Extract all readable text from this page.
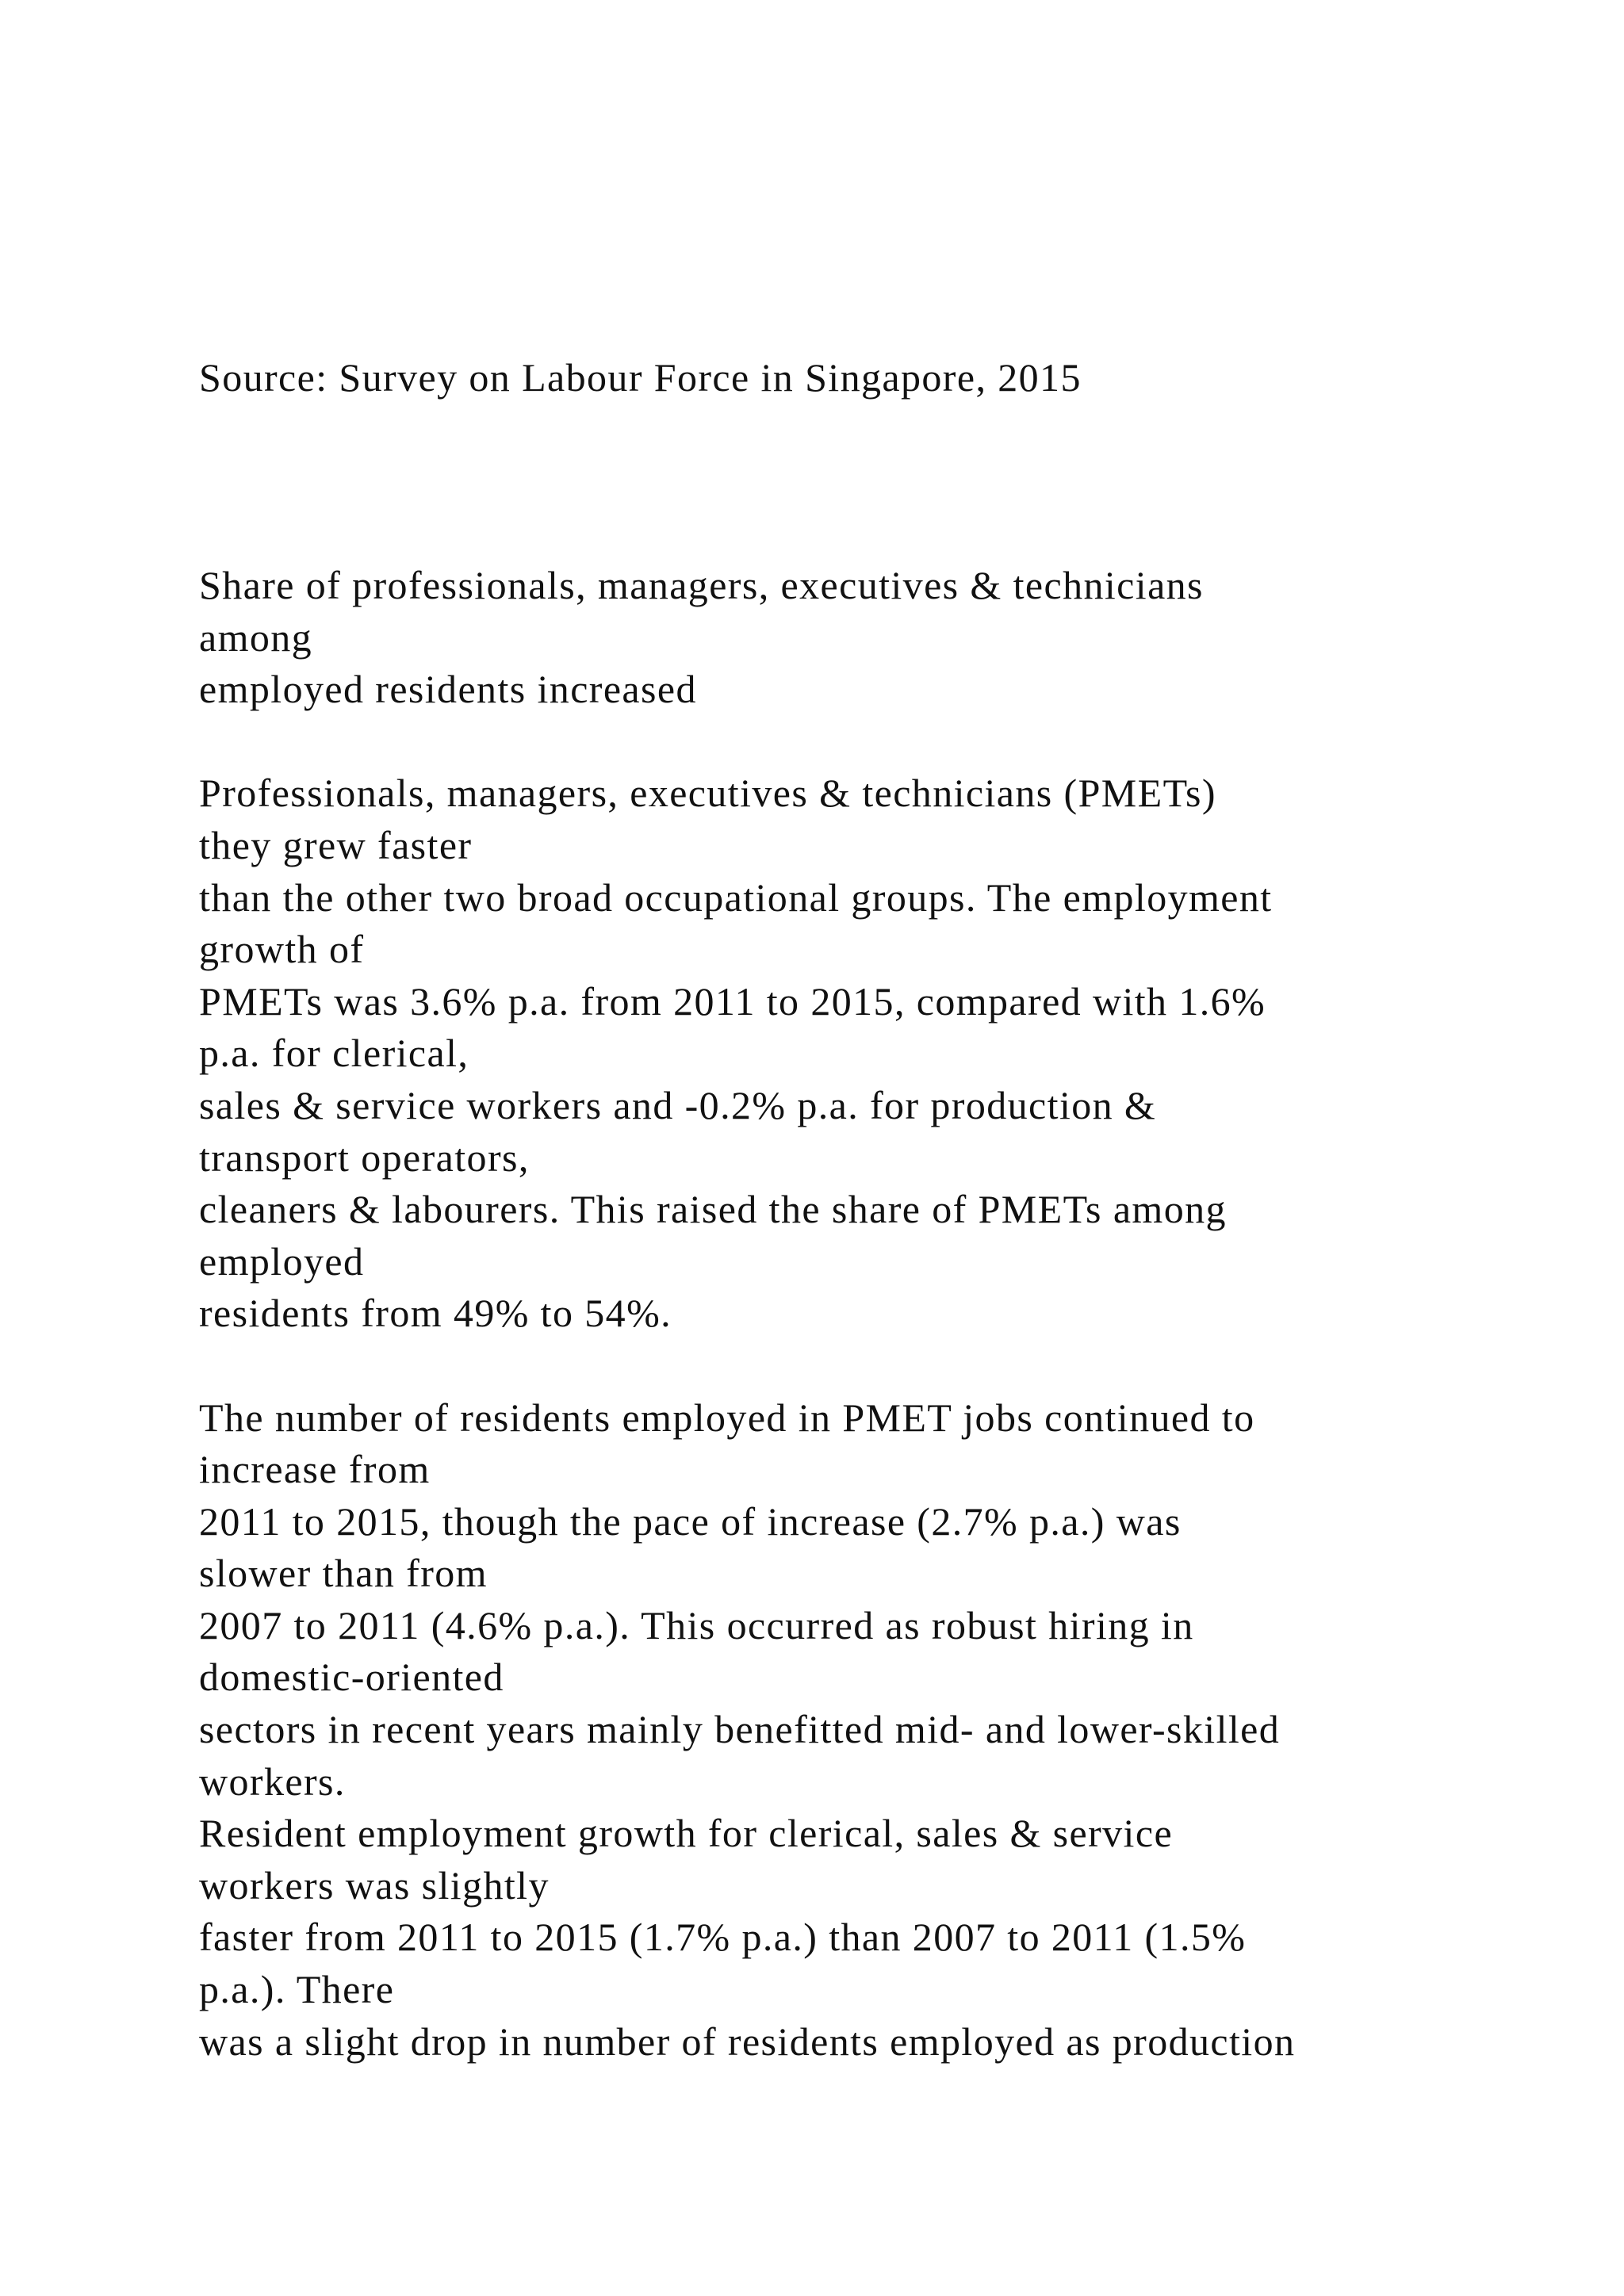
Source: Survey on Labour Force in Singapore, 2015
Share of professionals, managers, executives & technicians
among
employed residents increased
Professionals, managers, executives & technicians (PMETs)
they grew faster
than the other two broad occupational groups. The employment
growth of
PMETs was 3.6% p.a. from 2011 to 2015, compared with 1.6%
p.a. for clerical,
sales & service workers and -0.2% p.a. for production &
transport operators,
cleaners & labourers. This raised the share of PMETs among
employed
residents from 49% to 54%.
The number of residents employed in PMET jobs continued to
increase from
2011 to 2015, though the pace of increase (2.7% p.a.) was
slower than from
2007 to 2011 (4.6% p.a.). This occurred as robust hiring in
domestic-oriented
sectors in recent years mainly benefitted mid- and lower-skilled
workers.
Resident employment growth for clerical, sales & service
workers was slightly
faster from 2011 to 2015 (1.7% p.a.) than 2007 to 2011 (1.5%
p.a.). There
was a slight drop in number of residents employed as production
